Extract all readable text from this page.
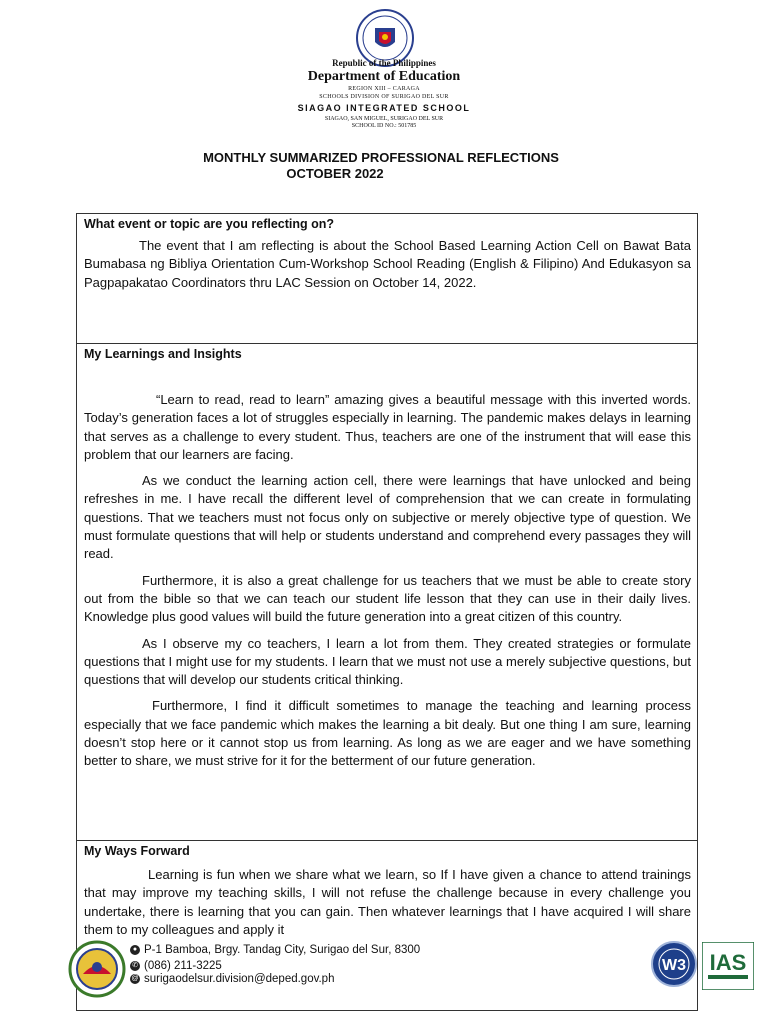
Republic of the Philippines
Department of Education
REGION XIII – CARAGA
SCHOOLS DIVISION OF SURIGAO DEL SUR
SIAGAO INTEGRATED SCHOOL
SIAGAO, SAN MIGUEL, SURIGAO DEL SUR
SCHOOL ID NO.: 501785
MONTHLY SUMMARIZED PROFESSIONAL REFLECTIONS
OCTOBER 2022
What event or topic are you reflecting on?

The event that I am reflecting is about the School Based Learning Action Cell on Bawat Bata Bumabasa ng Bibliya Orientation Cum-Workshop School Reading (English & Filipino) And Edukasyon sa Pagpapakatao Coordinators thru LAC Session on October 14, 2022.

My Learnings and Insights

“Learn to read, read to learn” amazing gives a beautiful message with this inverted words. Today’s generation faces a lot of struggles especially in learning. The pandemic makes delays in learning that serves as a challenge to every student. Thus, teachers are one of the instrument that will ease this problem that our learners are facing.

As we conduct the learning action cell, there were learnings that have unlocked and being refreshes in me. I have recall the different level of comprehension that we can create in formulating questions. That we teachers must not focus only on subjective or merely objective type of question. We must formulate questions that will help or students understand and comprehend every passages they will read.

Furthermore, it is also a great challenge for us teachers that we must be able to create story out from the bible so that we can teach our student life lesson that they can use in their daily lives. Knowledge plus good values will build the future generation into a great citizen of this country.

As I observe my co teachers, I learn a lot from them. They created strategies or formulate questions that I might use for my students. I learn that we must not use a merely subjective questions, but questions that will develop our students critical thinking.

Furthermore, I find it difficult sometimes to manage the teaching and learning process especially that we face pandemic which makes the learning a bit dealy. But one thing I am sure, learning doesn’t stop here or it cannot stop us from learning. As long as we are eager and we have something better to share, we must strive for it for the betterment of our future generation.

My Ways Forward

Learning is fun when we share what we learn, so If I have given a chance to attend trainings that may improve my teaching skills, I will not refuse the challenge because in every challenge you undertake, there is learning that you can gain. Then whatever learnings that I have acquired I will share them to my colleagues and apply it

● P-1 Bamboa, Brgy. Tandag City, Surigao del Sur, 8300
✆ (086) 211-3225
@ surigaodelsur.division@deped.gov.ph
W3 IAS
